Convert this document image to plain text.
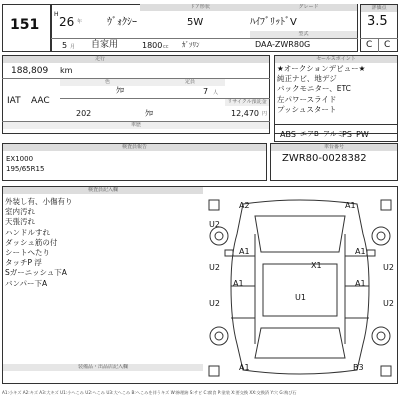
151
ドア形状	グレード
型式
H
26 年 ｳﾞｫｸｼｰ	5W	ﾊｲﾌﾞﾘｯﾄﾞV
5 月 自家用	1800 cc ｶﾞｿﾘﾝ	DAA-ZWR80G
評価点
3.5
C C
走行
188,809 km
色	定員
IAT AAC
ｸﾛ	7 人
リサイクル預託金
202	ｸﾛ	12,470 円
車歴
セールスポイント
★オークションデビュー★
純正ナビ、地デジ
バックモニター、ETC
左パワースライド
プッシュスタート
ABS エアB アルミ
PS PW
検査員報告
EX1000
195/65R15
車台番号
ZWR80-0028382
検査員記入欄
外装し有、小傷有り
室内汚れ
天張汚れ
ハンドルすれ
ダッシュ筋の付
シートへたり
タッチP 浮
Sガーニッシュ下A
バンパー下A
装備品・出品店記入欄
A2	A1
U2
U2	U2
X1
A1	A1
U1
U2
A1
U2
A1
A1	B3
A1:小キズ A2:キズ A3:大キズ U1:小へこみ U2:へこみ U3:大へこみ B:へこみを伴うキズ W:修理跡 S:サビ C:腐食 P:塗装 X:要交換 XX:交換済 Y:穴 G:飛び石
